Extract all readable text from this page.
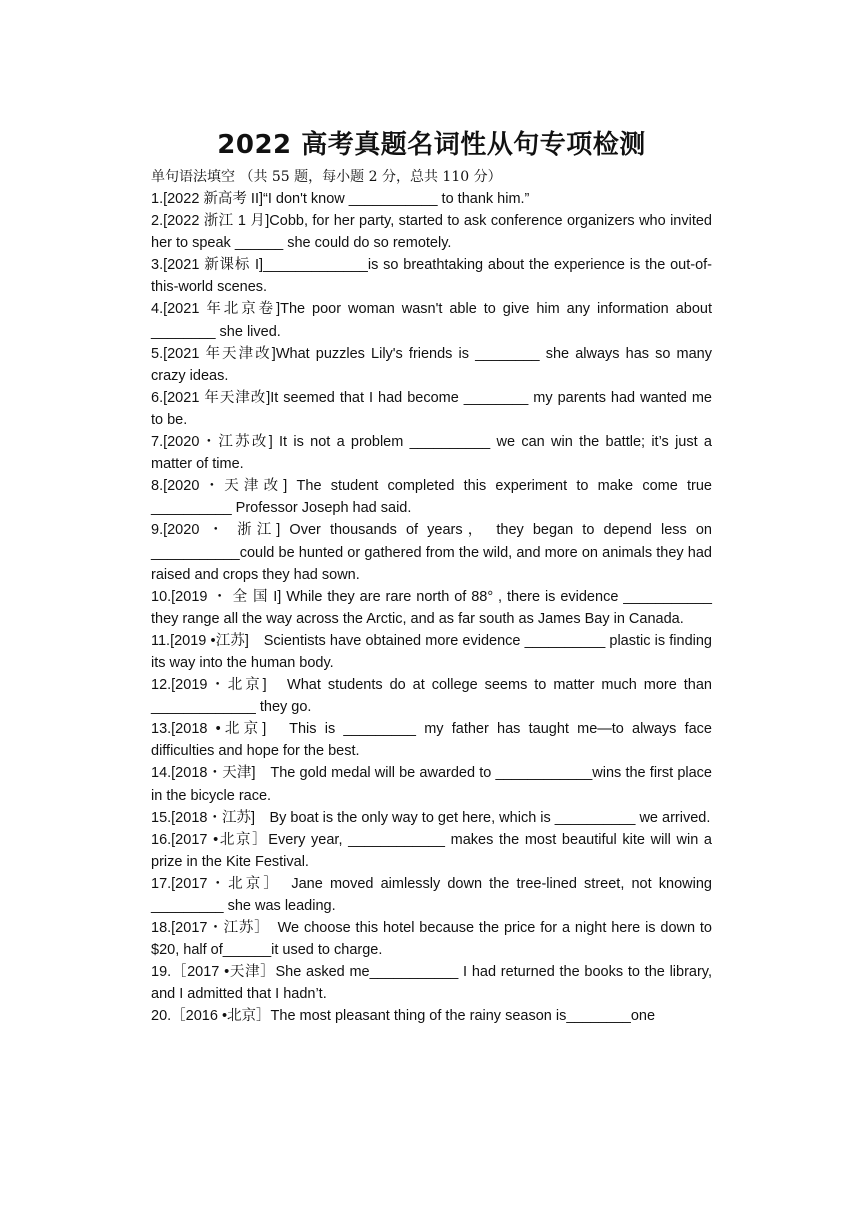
2022 高考真题名词性从句专项检测

单句语法填空 （共 55 题，每小题 2 分，总共 110 分）

1.[2022 新高考 II]“I don't know ___________ to thank him.”

2.[2022 浙江 1 月]Cobb, for her party, started to ask conference organizers who invited her to speak ______ she could do so remotely.

3.[2021 新课标 I]_____________is so breathtaking about the experience is the out-of-this-world scenes.

4.[2021 年北京卷]The poor woman wasn't able to give him any information about ________ she lived.

5.[2021 年天津改]What puzzles Lily's friends is ________ she always has so many crazy ideas.

6.[2021 年天津改]It seemed that I had become ________ my parents had wanted me to be.

7.[2020・江苏改] It is not a problem __________ we can win the battle; it’s just a matter of time.

8.[2020・天津改] The student completed this experiment to make come true __________ Professor Joseph had said.

9.[2020 ・ 浙江] Over thousands of years， they began to depend less on ___________could be hunted or gathered from the wild, and more on animals they had raised and crops they had sown.

10.[2019 ・ 全 国 I] While they are rare north of 88° , there is evidence ___________ they range all the way across the Arctic, and as far south as James Bay in Canada.

11.[2019 •江苏]　Scientists have obtained more evidence __________ plastic is finding its way into the human body.

12.[2019・北京]　What students do at college seems to matter much more than _____________ they go.

13.[2018 •北京]　This is _________ my father has taught me—to always face difficulties and hope for the best.

14.[2018・天津]　The gold medal will be awarded to ____________wins the first place in the bicycle race.

15.[2018・江苏]　By boat is the only way to get here, which is __________ we arrived.

16.[2017 •北京］Every year, ____________ makes the most beautiful kite will win a prize in the Kite Festival.

17.[2017・北京］　Jane moved aimlessly down the tree-lined street, not knowing _________ she was leading.

18.[2017・江苏］　We choose this hotel because the price for a night here is down to $20, half of______it used to charge.

19.［2017 •天津］She asked me___________ I had returned the books to the library, and I admitted that I hadn’t.

20.［2016 •北京］The most pleasant thing of the rainy season is________one
